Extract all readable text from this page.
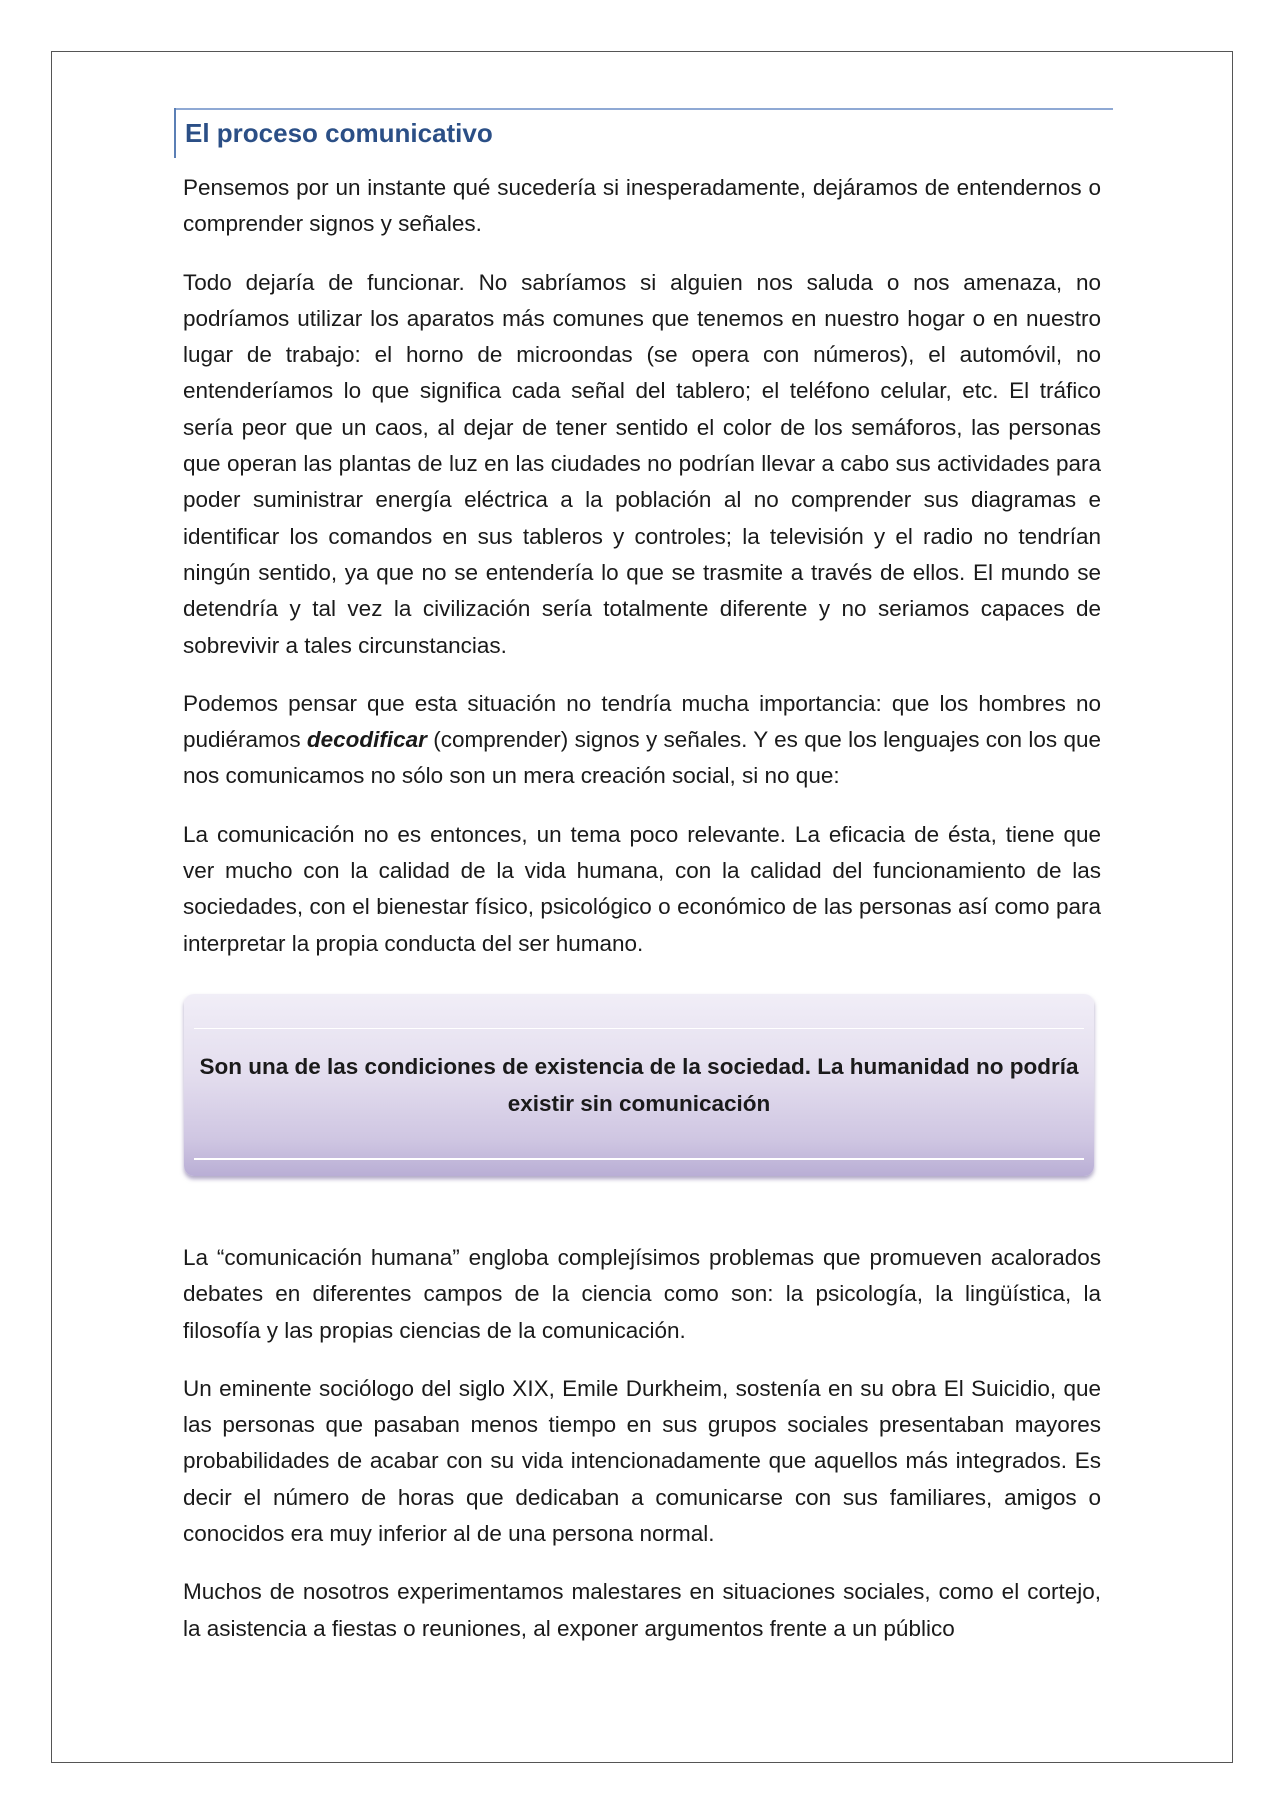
El proceso comunicativo

Pensemos por un instante qué sucedería si inesperadamente, dejáramos de entendernos o comprender signos y señales.

Todo dejaría de funcionar. No sabríamos si alguien nos saluda o nos amenaza, no podríamos utilizar los aparatos más comunes que tenemos en nuestro hogar o en nuestro lugar de trabajo: el horno de microondas (se opera con números), el automóvil, no entenderíamos lo que significa cada señal del tablero; el teléfono celular, etc. El tráfico sería peor que un caos, al dejar de tener sentido el color de los semáforos, las personas que operan las plantas de luz en las ciudades no podrían llevar a cabo sus actividades para poder suministrar energía eléctrica a la población al no comprender sus diagramas e identificar los comandos en sus tableros y controles; la televisión y el radio no tendrían ningún sentido, ya que no se entendería lo que se trasmite a través de ellos. El mundo se detendría y tal vez la civilización sería totalmente diferente y no seriamos capaces de sobrevivir a tales circunstancias.

Podemos pensar que esta situación no tendría mucha importancia: que los hombres no pudiéramos decodificar (comprender) signos y señales. Y es que los lenguajes con los que nos comunicamos no sólo son un mera creación social, si no que:

La comunicación no es entonces, un tema poco relevante. La eficacia de ésta, tiene que ver mucho con la calidad de la vida humana, con la calidad del funcionamiento de las sociedades, con el bienestar físico, psicológico o económico de las personas así como para interpretar la propia conducta del ser humano.

Son una de las condiciones de existencia de la sociedad. La humanidad no podría existir sin comunicación

La “comunicación humana” engloba complejísimos problemas que promueven acalorados debates en diferentes campos de la ciencia como son: la psicología, la lingüística, la filosofía y las propias ciencias de la comunicación.

Un eminente sociólogo del siglo XIX, Emile Durkheim, sostenía en su obra El Suicidio, que las personas que pasaban menos tiempo en sus grupos sociales presentaban mayores probabilidades de acabar con su vida intencionadamente que aquellos más integrados. Es decir el número de horas que dedicaban a comunicarse con sus familiares, amigos o conocidos era muy inferior al de una persona normal.

Muchos de nosotros experimentamos malestares en situaciones sociales, como el cortejo, la asistencia a fiestas o reuniones, al exponer argumentos frente a un público
